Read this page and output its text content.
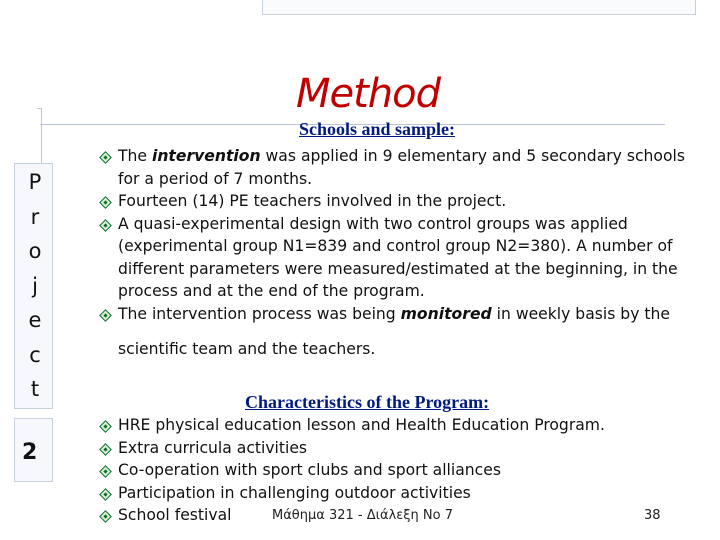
Method
Schools and sample:
P
r
o
j
e
c
t
2
The intervention was applied in 9 elementary and 5 secondary schools for a period of 7 months.
Fourteen (14) PE teachers involved in the project.
A quasi-experimental design with two control groups was applied (experimental group N1=839 and control group N2=380). A number of different parameters were measured/estimated at the beginning, in the process and at the end of the program.
The intervention process was being monitored in weekly basis by the
scientific team and the teachers.
Characteristics of the Program:
HRE physical education lesson and Health Education Program.
Extra curricula activities
Co-operation with sport clubs and sport alliances
Participation in challenging outdoor activities
School festival	Μάθημα 321 - Διάλεξη Νο 7	38
